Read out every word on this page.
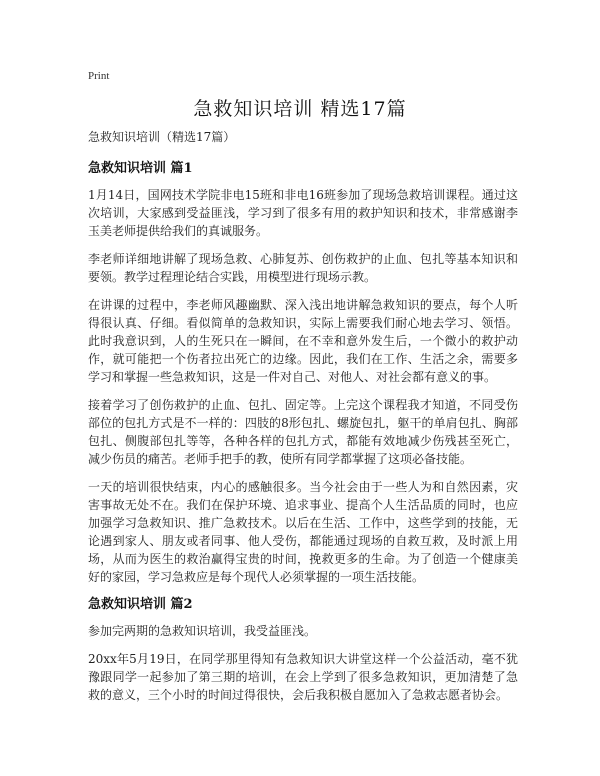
Print
急救知识培训 精选17篇
急救知识培训（精选17篇）
急救知识培训 篇1

1月14日，国网技术学院非电15班和非电16班参加了现场急救培训课程。通过这次培训，大家感到受益匪浅，学习到了很多有用的救护知识和技术，非常感谢李玉美老师提供给我们的真诚服务。

李老师详细地讲解了现场急救、心肺复苏、创伤救护的止血、包扎等基本知识和要领。教学过程理论结合实践，用模型进行现场示教。

在讲课的过程中，李老师风趣幽默、深入浅出地讲解急救知识的要点，每个人听得很认真、仔细。看似简单的急救知识，实际上需要我们耐心地去学习、领悟。此时我意识到，人的生死只在一瞬间，在不幸和意外发生后，一个微小的救护动作，就可能把一个伤者拉出死亡的边缘。因此，我们在工作、生活之余，需要多学习和掌握一些急救知识，这是一件对自己、对他人、对社会都有意义的事。

接着学习了创伤救护的止血、包扎、固定等。上完这个课程我才知道，不同受伤部位的包扎方式是不一样的：四肢的8形包扎、螺旋包扎，躯干的单肩包扎、胸部包扎、侧腹部包扎等等，各种各样的包扎方式，都能有效地减少伤残甚至死亡，减少伤员的痛苦。老师手把手的教，使所有同学都掌握了这项必备技能。

一天的培训很快结束，内心的感触很多。当今社会由于一些人为和自然因素，灾害事故无处不在。我们在保护环境、追求事业、提高个人生活品质的同时，也应加强学习急救知识、推广急救技术。以后在生活、工作中，这些学到的技能，无论遇到家人、朋友或者同事、他人受伤，都能通过现场的自救互救，及时派上用场，从而为医生的救治赢得宝贵的时间，挽救更多的生命。为了创造一个健康美好的家园，学习急救应是每个现代人必须掌握的一项生活技能。

急救知识培训 篇2

参加完两期的急救知识培训，我受益匪浅。

20xx年5月19日，在同学那里得知有急救知识大讲堂这样一个公益活动，毫不犹豫跟同学一起参加了第三期的培训，在会上学到了很多急救知识，更加清楚了急救的意义，三个小时的时间过得很快，会后我积极自愿加入了急救志愿者协会。
